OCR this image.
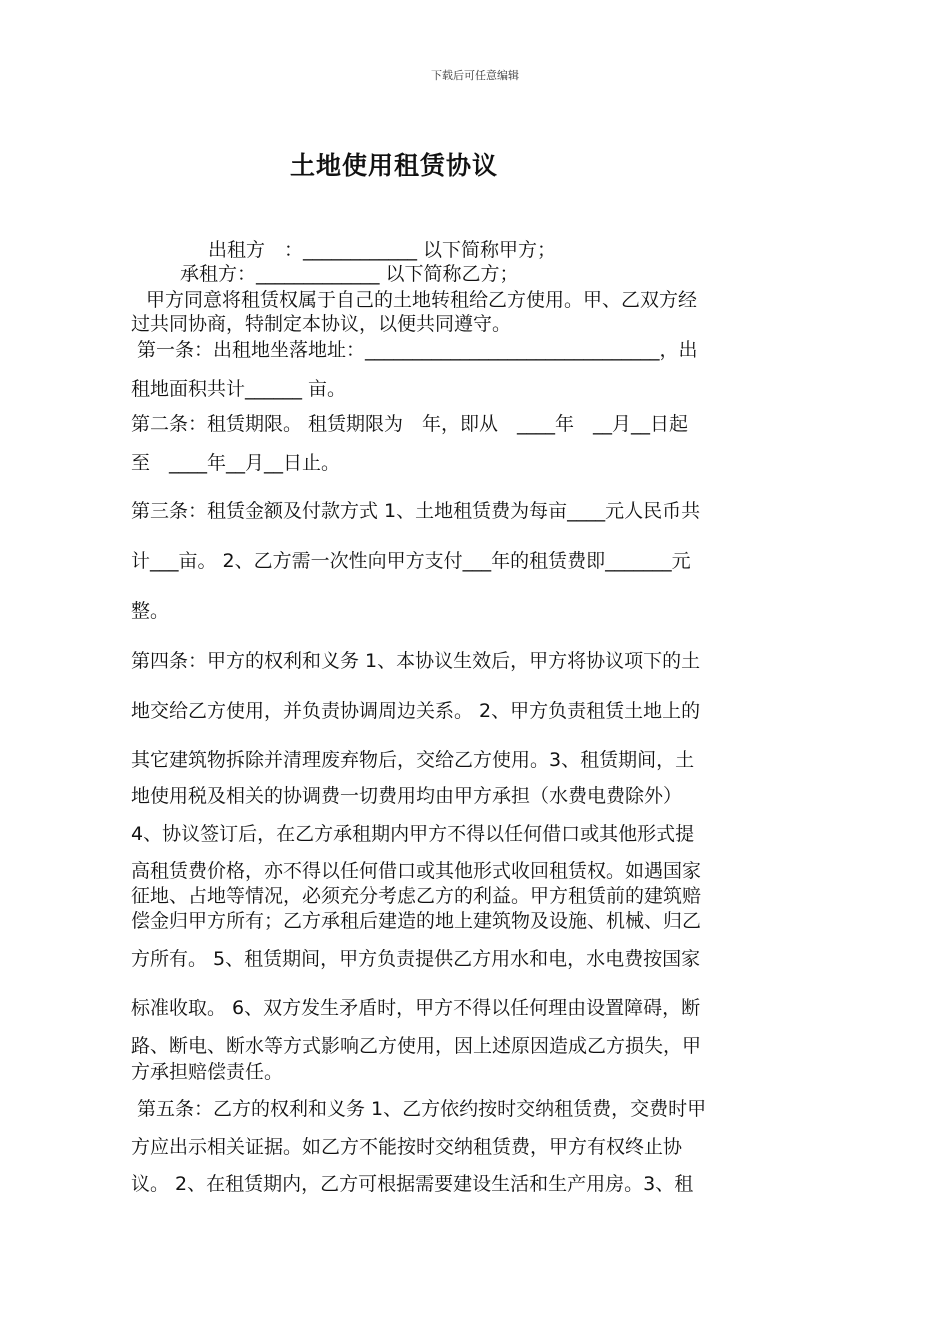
下载后可任意编辑
土地使用租赁协议
出租方　：____________ 以下简称甲方；
承租方：_____________ 以下简称乙方；
甲方同意将租赁权属于自己的土地转租给乙方使用。甲、乙双方经
过共同协商，特制定本协议，以便共同遵守。
第一条：出租地坐落地址：_______________________________，出
租地面积共计______ 亩。
第二条：租赁期限。 租赁期限为　年，即从　____年　__月__日起
至　____年__月__日止。
第三条：租赁金额及付款方式 1、土地租赁费为每亩____元人民币共
计___亩。 2、乙方需一次性向甲方支付___年的租赁费即_______元
整。
第四条：甲方的权利和义务 1、本协议生效后，甲方将协议项下的土
地交给乙方使用，并负责协调周边关系。 2、甲方负责租赁土地上的
其它建筑物拆除并清理废弃物后，交给乙方使用。3、租赁期间，土
地使用税及相关的协调费一切费用均由甲方承担（水费电费除外）
4、协议签订后，在乙方承租期内甲方不得以任何借口或其他形式提
高租赁费价格，亦不得以任何借口或其他形式收回租赁权。如遇国家
征地、占地等情况，必须充分考虑乙方的利益。甲方租赁前的建筑赔
偿金归甲方所有；乙方承租后建造的地上建筑物及设施、机械、归乙
方所有。 5、租赁期间，甲方负责提供乙方用水和电，水电费按国家
标准收取。 6、双方发生矛盾时，甲方不得以任何理由设置障碍，断
路、断电、断水等方式影响乙方使用，因上述原因造成乙方损失，甲
方承担赔偿责任。
第五条：乙方的权利和义务 1、乙方依约按时交纳租赁费，交费时甲
方应出示相关证据。如乙方不能按时交纳租赁费，甲方有权终止协
议。 2、在租赁期内，乙方可根据需要建设生活和生产用房。3、租
